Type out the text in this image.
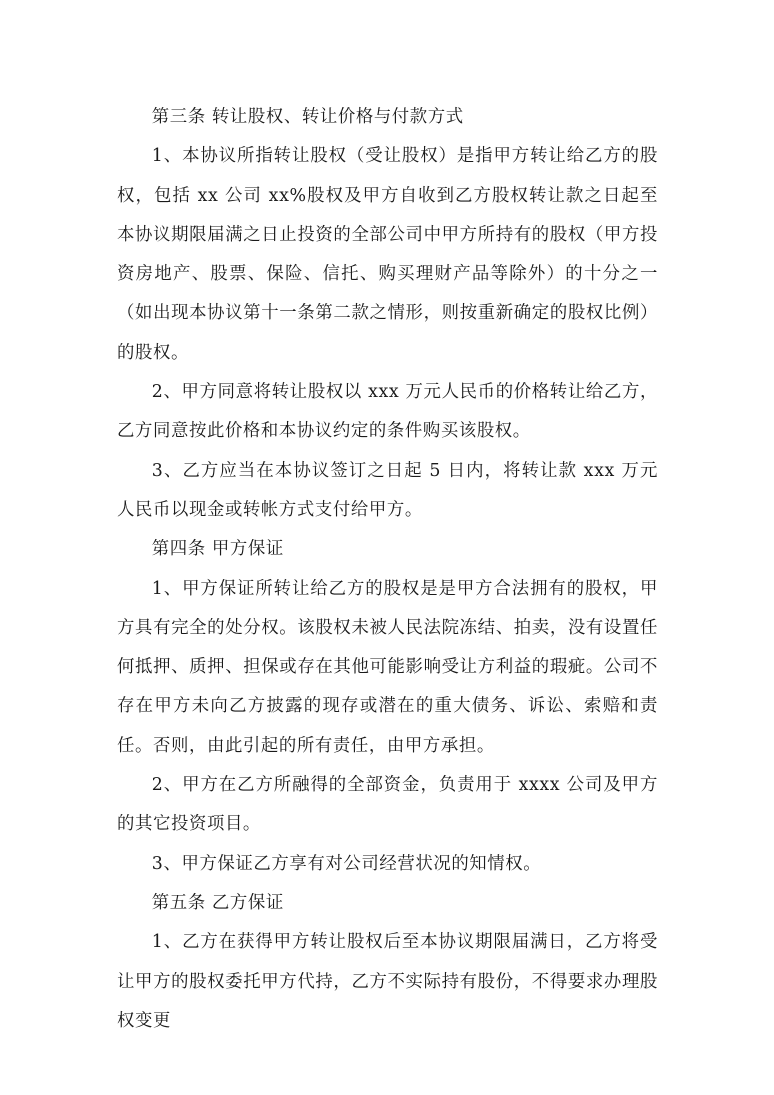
第三条 转让股权、转让价格与付款方式

1、本协议所指转让股权（受让股权）是指甲方转让给乙方的股权，包括 xx 公司 xx%股权及甲方自收到乙方股权转让款之日起至本协议期限届满之日止投资的全部公司中甲方所持有的股权（甲方投资房地产、股票、保险、信托、购买理财产品等除外）的十分之一（如出现本协议第十一条第二款之情形，则按重新确定的股权比例）的股权。

2、甲方同意将转让股权以 xxx 万元人民币的价格转让给乙方，乙方同意按此价格和本协议约定的条件购买该股权。

3、乙方应当在本协议签订之日起 5 日内，将转让款 xxx 万元人民币以现金或转帐方式支付给甲方。

第四条 甲方保证

1、甲方保证所转让给乙方的股权是是甲方合法拥有的股权，甲方具有完全的处分权。该股权未被人民法院冻结、拍卖，没有设置任何抵押、质押、担保或存在其他可能影响受让方利益的瑕疵。公司不存在甲方未向乙方披露的现存或潜在的重大债务、诉讼、索赔和责任。否则，由此引起的所有责任，由甲方承担。

2、甲方在乙方所融得的全部资金，负责用于 xxxx 公司及甲方的其它投资项目。

3、甲方保证乙方享有对公司经营状况的知情权。

第五条 乙方保证

1、乙方在获得甲方转让股权后至本协议期限届满日，乙方将受让甲方的股权委托甲方代持，乙方不实际持有股份，不得要求办理股权变更
